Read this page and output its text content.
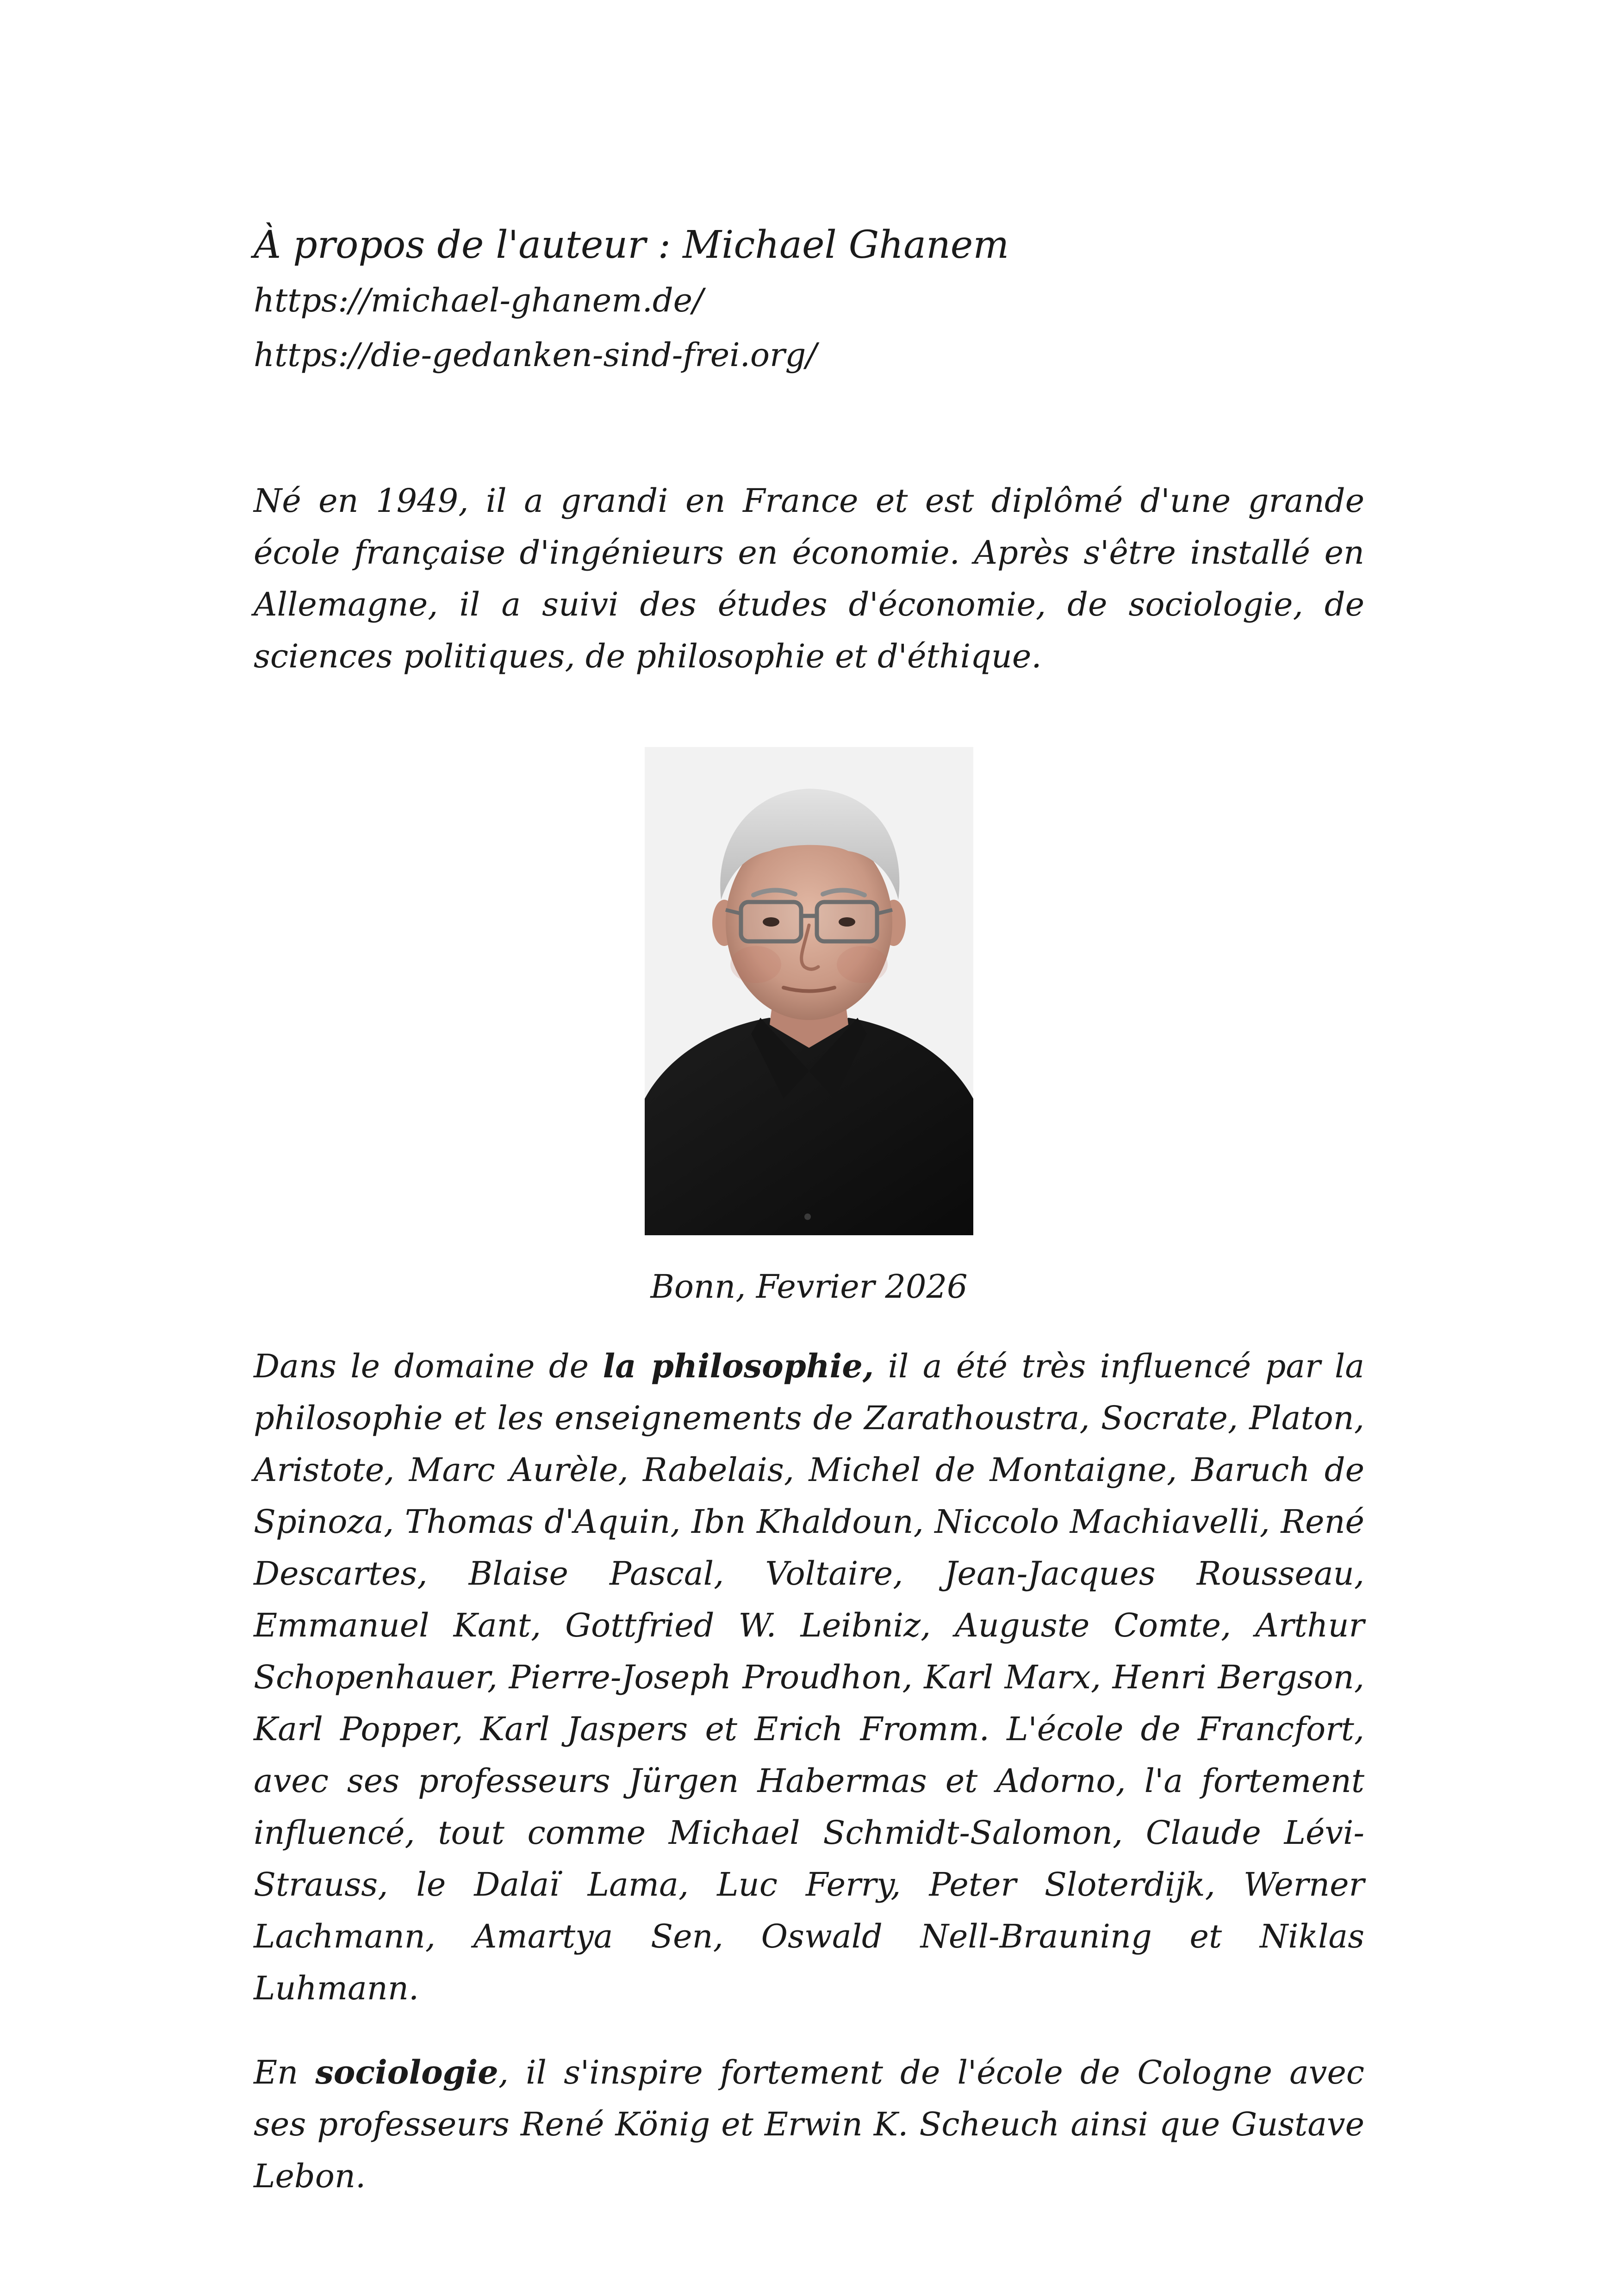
À propos de l'auteur : Michael Ghanem

https://michael-ghanem.de/

https://die-gedanken-sind-frei.org/

Né en 1949, il a grandi en France et est diplômé d'une grande école française d'ingénieurs en économie. Après s'être installé en Allemagne, il a suivi des études d'économie, de sociologie, de sciences politiques, de philosophie et d'éthique.

Bonn, Fevrier 2026

Dans le domaine de la philosophie, il a été très influencé par la philosophie et les enseignements de Zarathoustra, Socrate, Platon, Aristote, Marc Aurèle, Rabelais, Michel de Montaigne, Baruch de Spinoza, Thomas d'Aquin, Ibn Khaldoun, Niccolo Machiavelli, René Descartes, Blaise Pascal, Voltaire, Jean-Jacques Rousseau, Emmanuel Kant, Gottfried W. Leibniz, Auguste Comte, Arthur Schopenhauer, Pierre-Joseph Proudhon, Karl Marx, Henri Bergson, Karl Popper, Karl Jaspers et Erich Fromm. L'école de Francfort, avec ses professeurs Jürgen Habermas et Adorno, l'a fortement influencé, tout comme Michael Schmidt-Salomon, Claude Lévi-Strauss, le Dalaï Lama, Luc Ferry, Peter Sloterdijk, Werner Lachmann, Amartya Sen, Oswald Nell-Brauning et Niklas Luhmann.

En sociologie, il s'inspire fortement de l'école de Cologne avec ses professeurs René König et Erwin K. Scheuch ainsi que Gustave Lebon.
